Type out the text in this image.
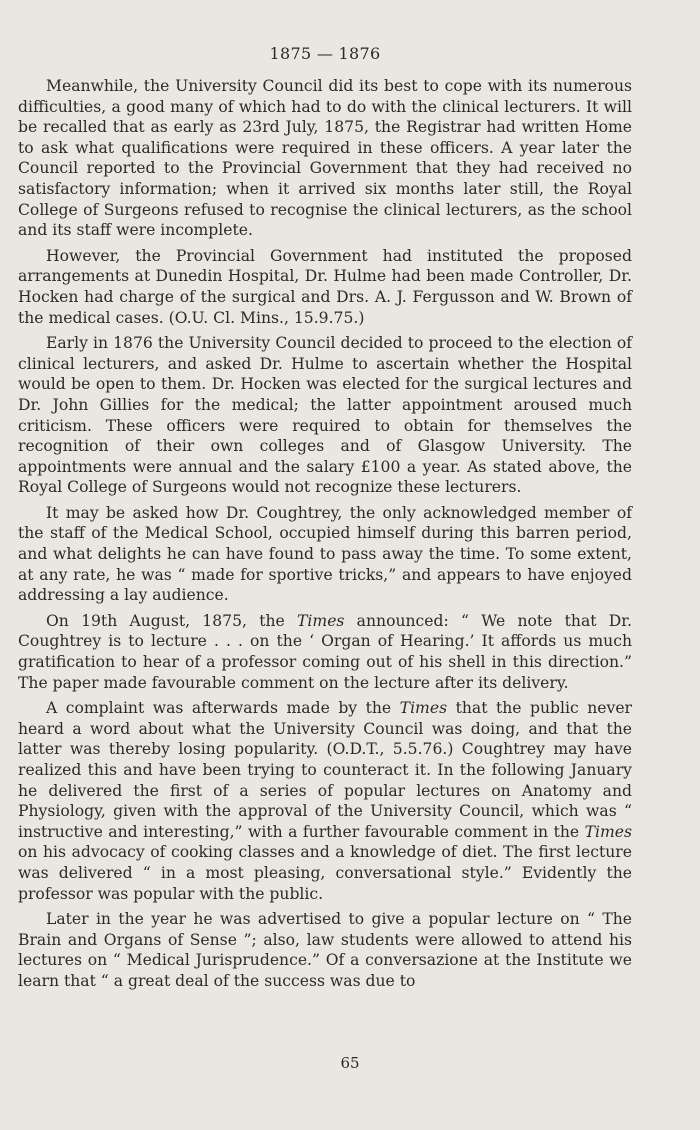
1875 — 1876

Meanwhile, the University Council did its best to cope with its numerous difficulties, a good many of which had to do with the clinical lecturers. It will be recalled that as early as 23rd July, 1875, the Registrar had written Home to ask what qualifications were required in these officers. A year later the Council reported to the Provincial Government that they had received no satisfactory information; when it arrived six months later still, the Royal College of Surgeons refused to recognise the clinical lecturers, as the school and its staff were incomplete.

However, the Provincial Government had instituted the proposed arrangements at Dunedin Hospital, Dr. Hulme had been made Controller, Dr. Hocken had charge of the surgical and Drs. A. J. Fergusson and W. Brown of the medical cases. (O.U. Cl. Mins., 15.9.75.)

Early in 1876 the University Council decided to proceed to the election of clinical lecturers, and asked Dr. Hulme to ascertain whether the Hospital would be open to them. Dr. Hocken was elected for the surgical lectures and Dr. John Gillies for the medical; the latter appointment aroused much criticism. These officers were required to obtain for themselves the recognition of their own colleges and of Glasgow University. The appointments were annual and the salary £100 a year. As stated above, the Royal College of Surgeons would not recognize these lecturers.

It may be asked how Dr. Coughtrey, the only acknowledged member of the staff of the Medical School, occupied himself during this barren period, and what delights he can have found to pass away the time. To some extent, at any rate, he was “ made for sportive tricks,” and appears to have enjoyed addressing a lay audience.

On 19th August, 1875, the Times announced: “ We note that Dr. Coughtrey is to lecture . . . on the ‘ Organ of Hearing.’ It affords us much gratification to hear of a professor coming out of his shell in this direction.” The paper made favourable comment on the lecture after its delivery.

A complaint was afterwards made by the Times that the public never heard a word about what the University Council was doing, and that the latter was thereby losing popularity. (O.D.T., 5.5.76.) Coughtrey may have realized this and have been trying to counteract it. In the following January he delivered the first of a series of popular lectures on Anatomy and Physiology, given with the approval of the University Council, which was “ instructive and interesting,” with a further favourable comment in the Times on his advocacy of cooking classes and a knowledge of diet. The first lecture was delivered “ in a most pleasing, conversational style.” Evidently the professor was popular with the public.

Later in the year he was advertised to give a popular lecture on “ The Brain and Organs of Sense ”; also, law students were allowed to attend his lectures on “ Medical Jurisprudence.” Of a conversazione at the Institute we learn that “ a great deal of the success was due to

65
